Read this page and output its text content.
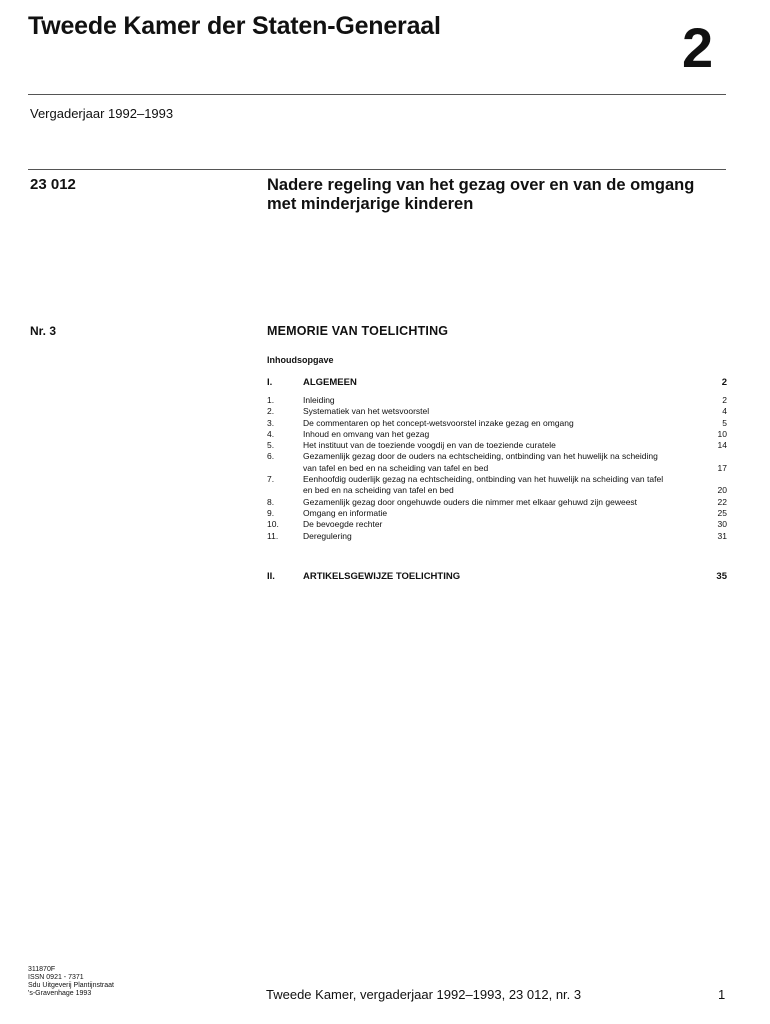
Tweede Kamer der Staten-Generaal	2
Vergaderjaar 1992–1993
23 012	Nadere regeling van het gezag over en van de omgang met minderjarige kinderen
Nr. 3	MEMORIE VAN TOELICHTING
Inhoudsopgave
I.	ALGEMEEN	2
1.	Inleiding	2
2.	Systematiek van het wetsvoorstel	4
3.	De commentaren op het concept-wetsvoorstel inzake gezag en omgang	5
4.	Inhoud en omvang van het gezag	10
5.	Het instituut van de toeziende voogdij en van de toeziende curatele	14
6.	Gezamenlijk gezag door de ouders na echtscheiding, ontbinding van het huwelijk na scheiding van tafel en bed en na scheiding van tafel en bed	17
7.	Eenhoofdig ouderlijk gezag na echtscheiding, ontbinding van het huwelijk na scheiding van tafel en bed en na scheiding van tafel en bed	20
8.	Gezamenlijk gezag door ongehuwde ouders die nimmer met elkaar gehuwd zijn geweest	22
9.	Omgang en informatie	25
10.	De bevoegde rechter	30
11.	Deregulering	31
II.	ARTIKELSGEWIJZE TOELICHTING	35
311870F
ISSN 0921 - 7371
Sdu Uitgeverij Plantijnstraat
's-Gravenhage 1993	Tweede Kamer, vergaderjaar 1992–1993, 23 012, nr. 3	1
